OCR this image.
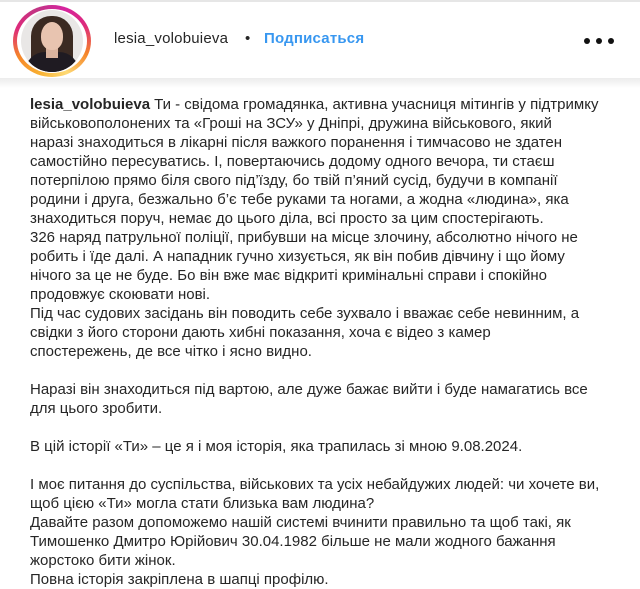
lesia_volobuieva • Подписаться

lesia_volobuieva Ти - свідома громадянка, активна учасниця мітингів у підтримку

військовополонених та «Гроші на ЗСУ» у Дніпрі, дружина військового, який

наразі знаходиться в лікарні після важкого поранення і тимчасово не здатен

самостійно пересуватись. І, повертаючись додому одного вечора, ти стаєш

потерпілою прямо біля свого під’їзду, бо твій п’яний сусід, будучи в компанії

родини і друга, безжально б’є тебе руками та ногами, а жодна «людина», яка

знаходиться поруч, немає до цього діла, всі просто за цим спостерігають.

326 наряд патрульної поліції, прибувши на місце злочину, абсолютно нічого не

робить і їде далі. А нападник гучно хизується, як він побив дівчину і що йому

нічого за це не буде. Бо він вже має відкриті кримінальні справи і спокійно

продовжує скоювати нові.

Під час судових засідань він поводить себе зухвало і вважає себе невинним, а

свідки з його сторони дають хибні показання, хоча є відео з камер

спостережень, де все чітко і ясно видно.

Наразі він знаходиться під вартою, але дуже бажає вийти і буде намагатись все

для цього зробити.

В цій історії «Ти» – це я і моя історія, яка трапилась зі мною 9.08.2024.

І моє питання до суспільства, військових та усіх небайдужих людей: чи хочете ви,

щоб цією «Ти» могла стати близька вам людина?

Давайте разом допоможемо нашій системі вчинити правильно та щоб такі, як

Тимошенко Дмитро Юрійович 30.04.1982 більше не мали жодного бажання

жорстоко бити жінок.

Повна історія закріплена в шапці профілю.
